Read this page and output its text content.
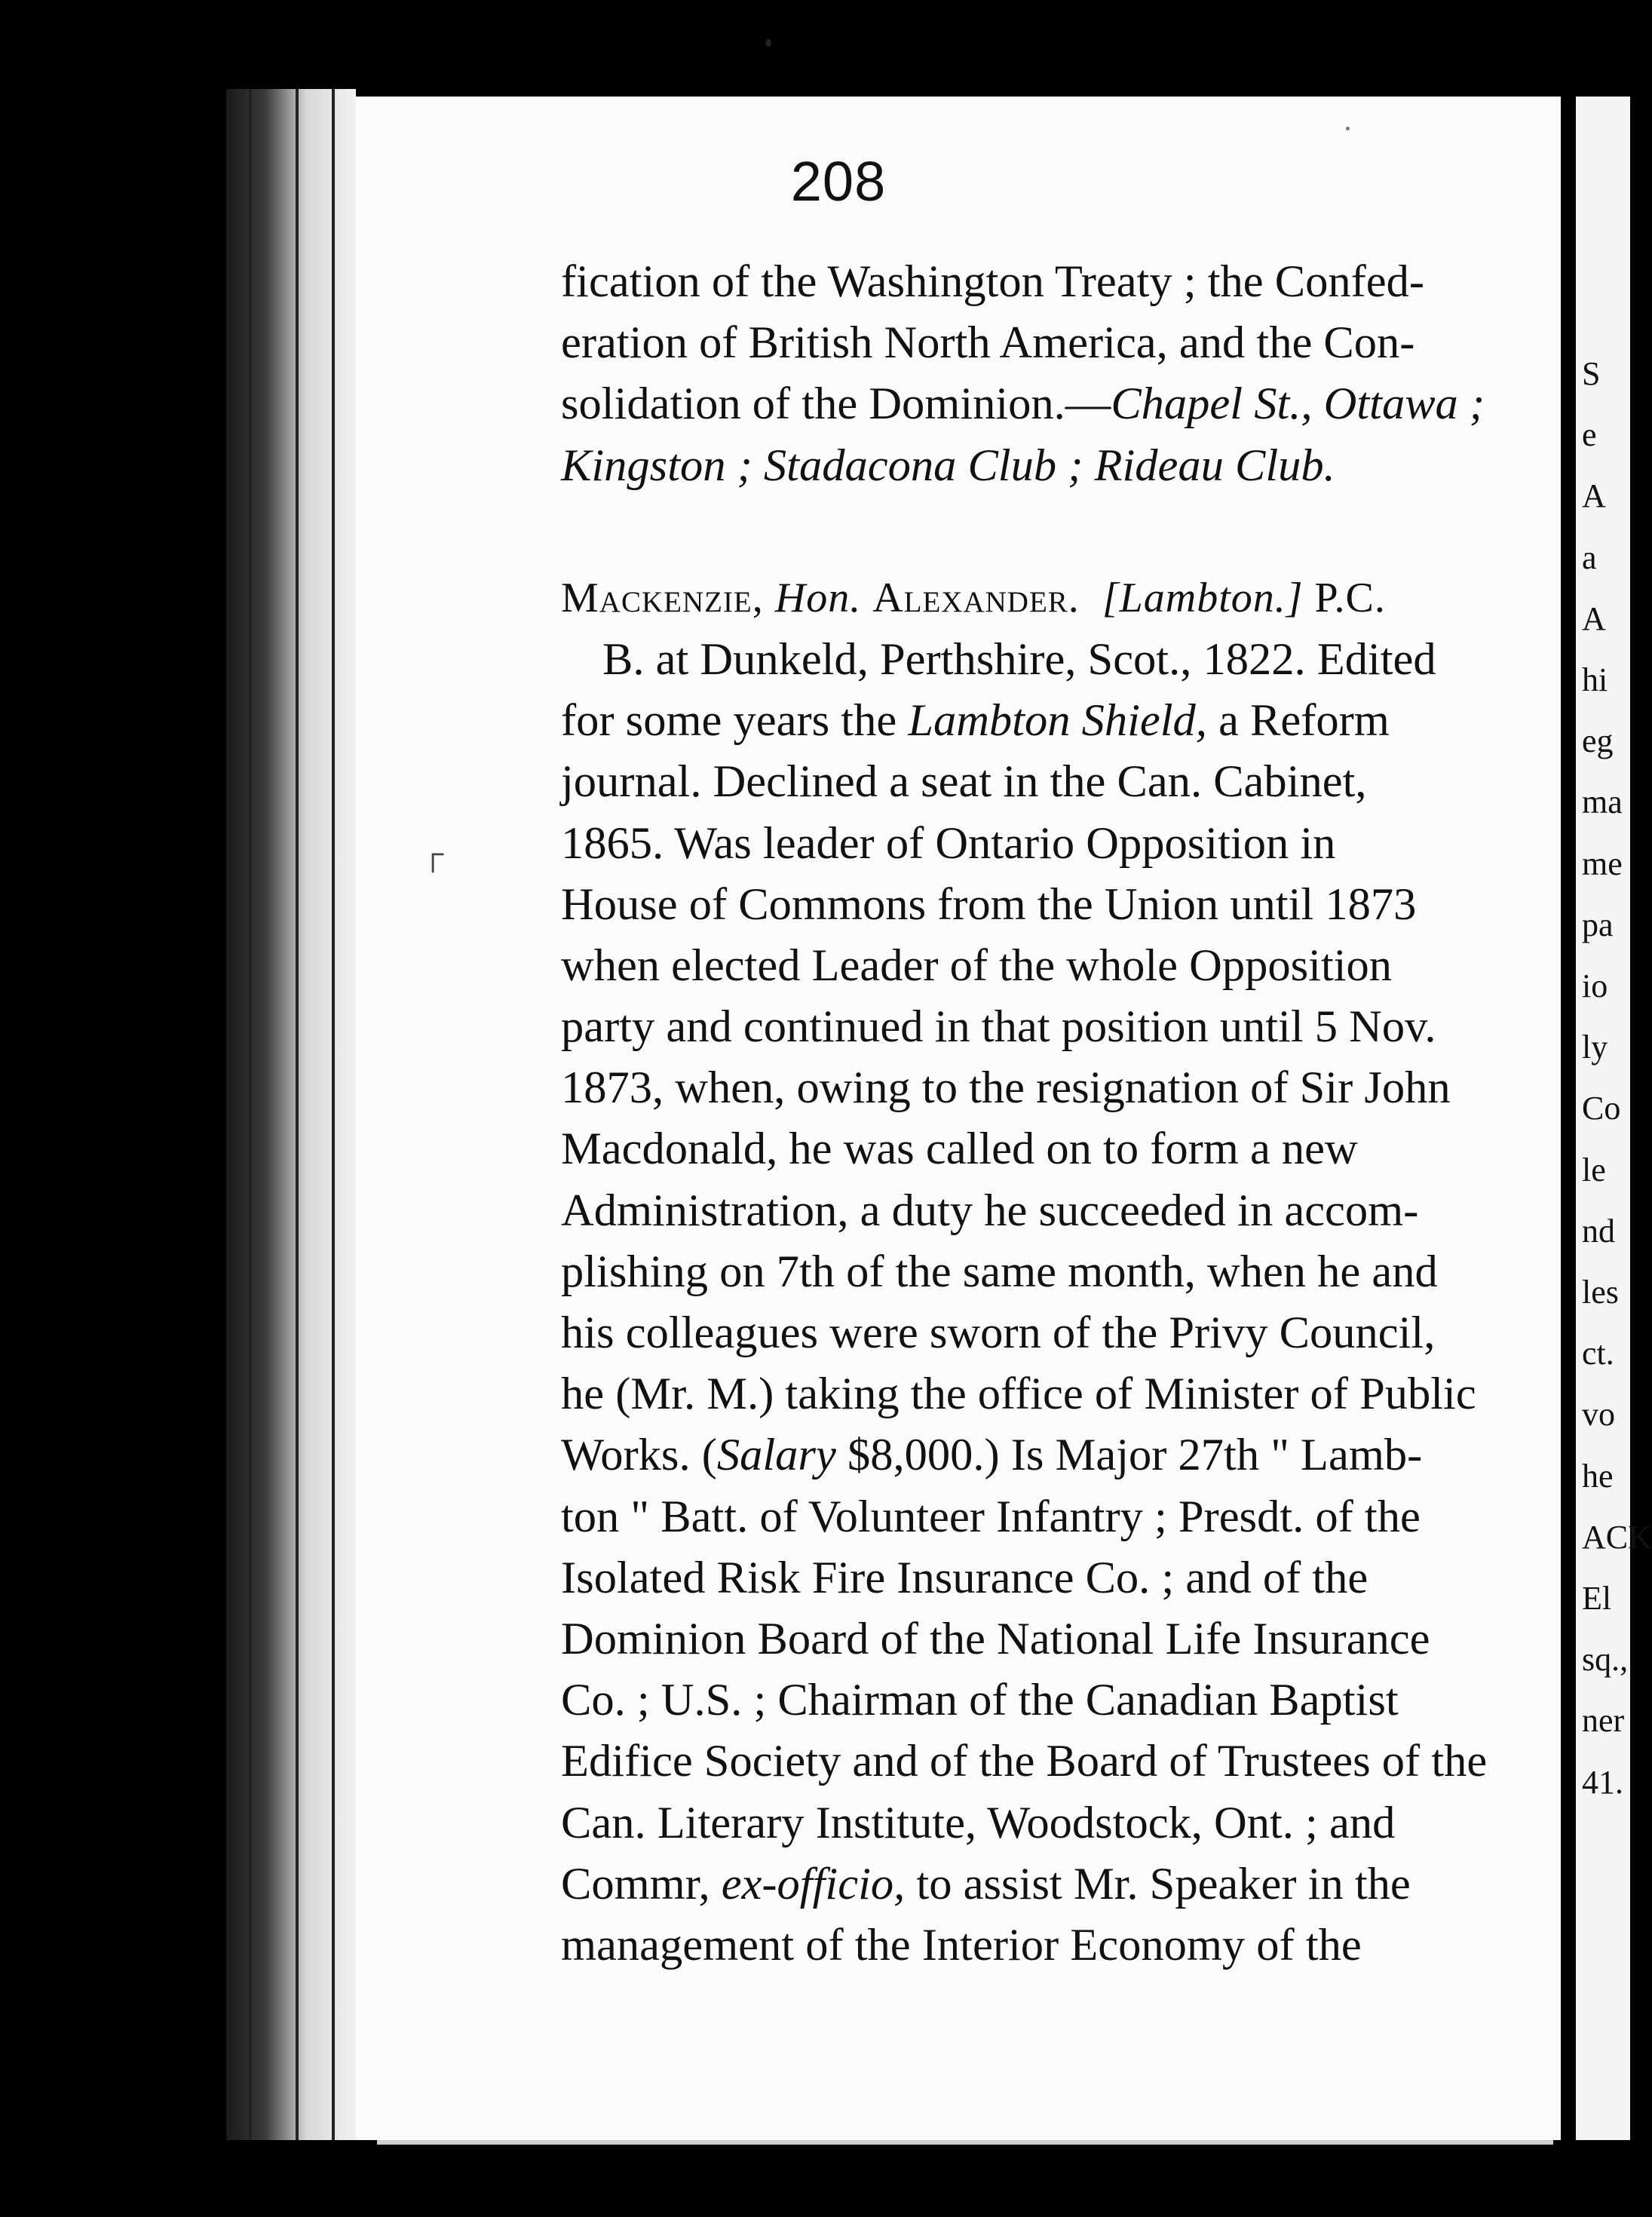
208
fication of the Washington Treaty ; the Confed-
eration of British North America, and the Con-
solidation of the Dominion.—Chapel St., Ottawa ;
Kingston ; Stadacona Club ; Rideau Club.
Mackenzie, Hon. Alexander. [Lambton.] P.C.
B. at Dunkeld, Perthshire, Scot., 1822. Edited
for some years the Lambton Shield, a Reform
journal. Declined a seat in the Can. Cabinet,
1865. Was leader of Ontario Opposition in
House of Commons from the Union until 1873
when elected Leader of the whole Opposition
party and continued in that position until 5 Nov.
1873, when, owing to the resignation of Sir John
Macdonald, he was called on to form a new
Administration, a duty he succeeded in accom-
plishing on 7th of the same month, when he and
his colleagues were sworn of the Privy Council,
he (Mr. M.) taking the office of Minister of Public
Works. (Salary $8,000.) Is Major 27th " Lamb-
ton " Batt. of Volunteer Infantry ; Presdt. of the
Isolated Risk Fire Insurance Co. ; and of the
Dominion Board of the National Life Insurance
Co. ; U.S. ; Chairman of the Canadian Baptist
Edifice Society and of the Board of Trustees of the
Can. Literary Institute, Woodstock, Ont. ; and
Commr, ex-officio, to assist Mr. Speaker in the
management of the Interior Economy of the
┌
S
e
A
a
A
hi
eg
ma
me
pa
io
ly
Co
le
nd
les
ct.
vo
he
ACK
El
sq.,
ner
41.
